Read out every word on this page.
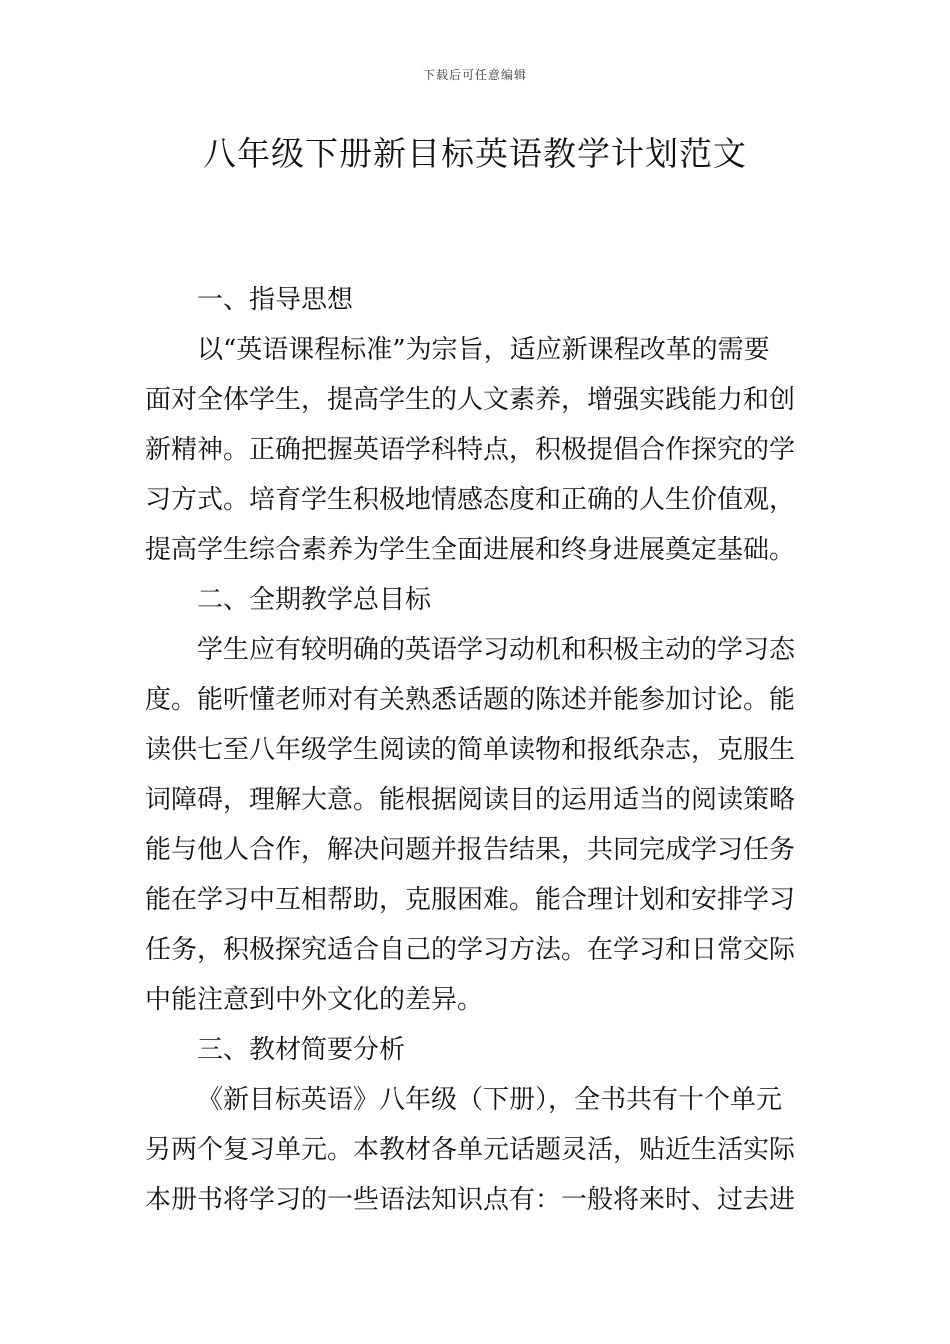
下载后可任意编辑
八年级下册新目标英语教学计划范文
一、指导思想
以“英语课程标准”为宗旨，适应新课程改革的需要
面对全体学生，提高学生的人文素养，增强实践能力和创
新精神。正确把握英语学科特点，积极提倡合作探究的学
习方式。培育学生积极地情感态度和正确的人生价值观，
提高学生综合素养为学生全面进展和终身进展奠定基础。
二、全期教学总目标
学生应有较明确的英语学习动机和积极主动的学习态
度。能听懂老师对有关熟悉话题的陈述并能参加讨论。能
读供七至八年级学生阅读的简单读物和报纸杂志，克服生
词障碍，理解大意。能根据阅读目的运用适当的阅读策略
能与他人合作，解决问题并报告结果，共同完成学习任务
能在学习中互相帮助，克服困难。能合理计划和安排学习
任务，积极探究适合自己的学习方法。在学习和日常交际
中能注意到中外文化的差异。
三、教材简要分析
《新目标英语》八年级（下册），全书共有十个单元
另两个复习单元。本教材各单元话题灵活，贴近生活实际
本册书将学习的一些语法知识点有：一般将来时、过去进
